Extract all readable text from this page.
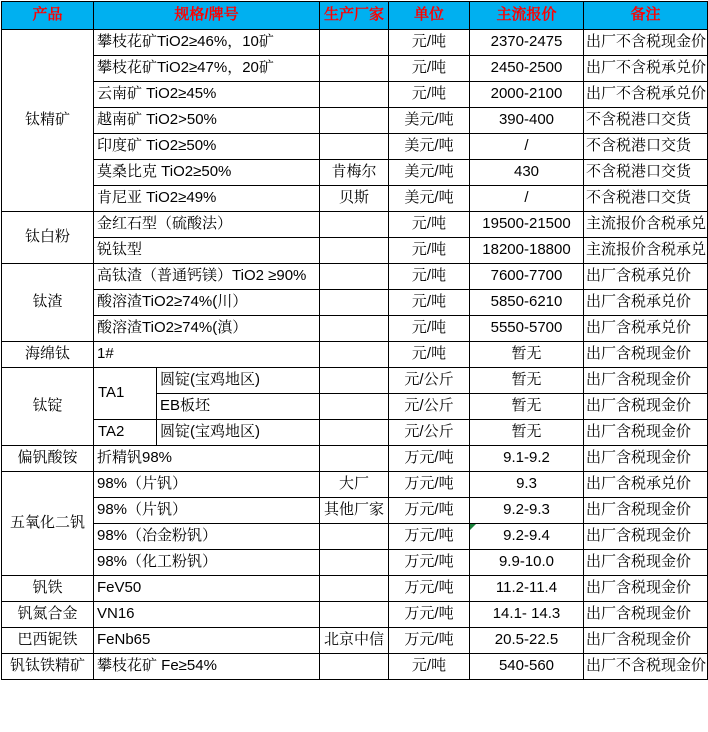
产品	规格/牌号		生产厂家	单位	主流报价	备注
钛精矿	攀枝花矿TiO2≥46%，10矿			元/吨	2370-2475	出厂不含税现金价
	攀枝花矿TiO2≥47%，20矿			元/吨	2450-2500	出厂不含税承兑价
	云南矿 TiO2≥45%			元/吨	2000-2100	出厂不含税承兑价
	越南矿 TiO2>50%			美元/吨	390-400	不含税港口交货
	印度矿 TiO2≥50%			美元/吨	/	不含税港口交货
	莫桑比克 TiO2≥50%		肯梅尔	美元/吨	430	不含税港口交货
	肯尼亚 TiO2≥49%		贝斯	美元/吨	/	不含税港口交货
钛白粉	金红石型（硫酸法）			元/吨	19500-21500	主流报价含税承兑
	锐钛型			元/吨	18200-18800	主流报价含税承兑
钛渣	高钛渣（普通钙镁）TiO2 ≥90%			元/吨	7600-7700	出厂含税承兑价
	酸溶渣TiO2≥74%(川）			元/吨	5850-6210	出厂含税承兑价
	酸溶渣TiO2≥74%(滇）			元/吨	5550-5700	出厂含税承兑价
海绵钛	1#			元/吨	暂无	出厂含税现金价
钛锭	TA1	圆锭(宝鸡地区)		元/公斤	暂无	出厂含税现金价
		EB板坯		元/公斤	暂无	出厂含税现金价
	TA2	圆锭(宝鸡地区)		元/公斤	暂无	出厂含税现金价
偏钒酸铵	折精钒98%			万元/吨	9.1-9.2	出厂含税现金价
五氧化二钒	98%（片钒）		大厂	万元/吨	9.3	出厂含税承兑价
	98%（片钒）		其他厂家	万元/吨	9.2-9.3	出厂含税现金价
	98%（冶金粉钒）			万元/吨	9.2-9.4	出厂含税现金价
	98%（化工粉钒）			万元/吨	9.9-10.0	出厂含税现金价
钒铁	FeV50			万元/吨	11.2-11.4	出厂含税现金价
钒氮合金	VN16			万元/吨	14.1- 14.3	出厂含税现金价
巴西铌铁	FeNb65		北京中信	万元/吨	20.5-22.5	出厂含税现金价
钒钛铁精矿	攀枝花矿 Fe≥54%			元/吨	540-560	出厂不含税现金价
